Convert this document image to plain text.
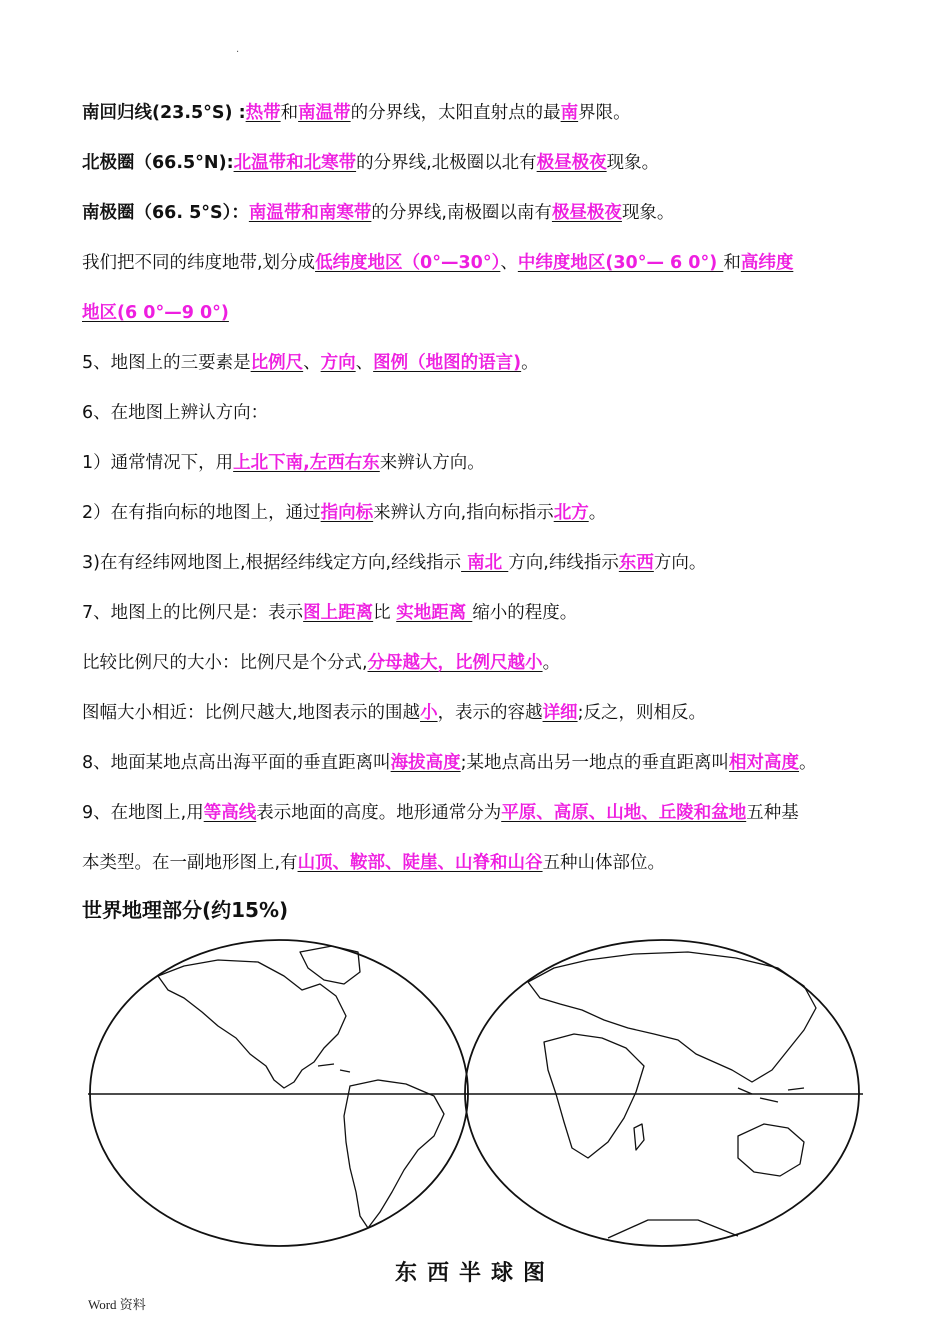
.
南回归线(23.5°S) :热带和南温带的分界线，太阳直射点的最南界限。
北极圈（66.5°N):北温带和北寒带的分界线,北极圈以北有极昼极夜现象。
南极圈（66. 5°S）：南温带和南寒带的分界线,南极圈以南有极昼极夜现象。
我们把不同的纬度地带,划分成低纬度地区（0°—30°）、中纬度地区(30°— 6 0°) 和高纬度
地区(6 0°—9 0°)
5、地图上的三要素是比例尺、方向、图例（地图的语言)。
6、在地图上辨认方向：
1）通常情况下，用上北下南,左西右东来辨认方向。
2）在有指向标的地图上，通过指向标来辨认方向,指向标指示北方。
3)在有经纬网地图上,根据经纬线定方向,经线指示 南北 方向,纬线指示东西方向。
7、地图上的比例尺是：表示图上距离比 实地距离 缩小的程度。
比较比例尺的大小：比例尺是个分式,分母越大，比例尺越小。
图幅大小相近：比例尺越大,地图表示的围越小，表示的容越详细;反之，则相反。
8、地面某地点高出海平面的垂直距离叫海拔高度;某地点高出另一地点的垂直距离叫相对高度。
9、在地图上,用等高线表示地面的高度。地形通常分为平原、高原、山地、丘陵和盆地五种基
本类型。在一副地形图上,有山顶、鞍部、陡崖、山脊和山谷五种山体部位。
世界地理部分(约15%)
东西半球图
Word 资料
